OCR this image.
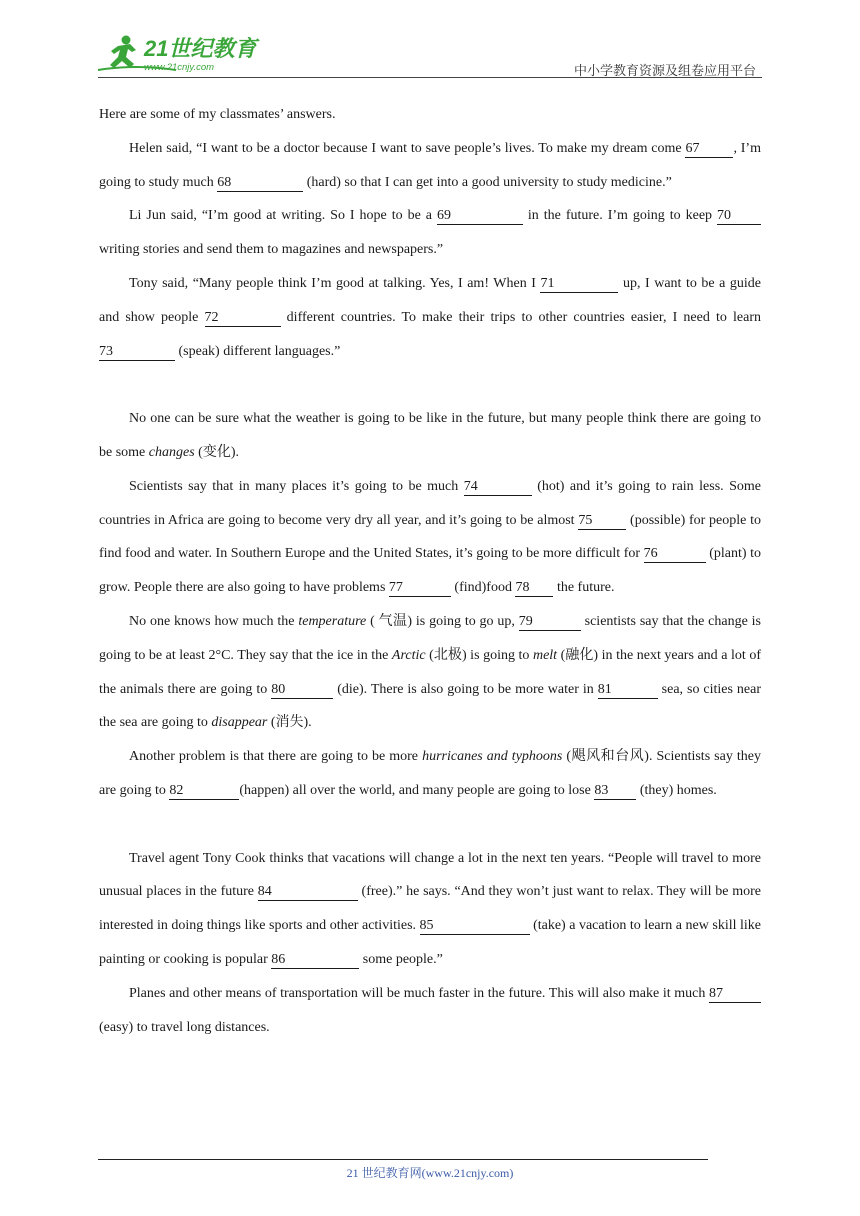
21世纪教育
www.21cnjy.com	中小学教育资源及组卷应用平台

Here are some of my classmates’ answers.

Helen said, “I want to be a doctor because I want to save people’s lives. To make my dream come 67 , I’m going to study much 68	(hard) so that I can get into a good university to study medicine.”

Li Jun said, “I’m good at writing. So I hope to be a 69	in the future. I’m going to keep 70 writing stories and send them to magazines and newspapers.”

Tony said, “Many people think I’m good at talking. Yes, I am! When I 71	up, I want to be a guide and show people 72	different countries. To make their trips to other countries easier, I need to learn 73	(speak) different languages.”

No one can be sure what the weather is going to be like in the future, but many people think there are going to be some changes (变化).

Scientists say that in many places it’s going to be much 74	(hot) and it’s going to rain less. Some countries in Africa are going to become very dry all year, and it’s going to be almost 75 (possible) for people to find food and water. In Southern Europe and the United States, it’s going to be more difficult for 76	(plant) to grow. People there are also going to have problems 77	(find)food 78 the future.

No one knows how much the temperature ( 气温) is going to go up, 79	scientists say that the change is going to be at least 2°C. They say that the ice in the Arctic (北极) is going to melt (融化) in the next years and a lot of the animals there are going to 80	(die). There is also going to be more water in 81	sea, so cities near the sea are going to disappear (消失).

Another problem is that there are going to be more hurricanes and typhoons (飓风和台风). Scientists say they are going to 82	(happen) all over the world, and many people are going to lose 83 (they) homes.

Travel agent Tony Cook thinks that vacations will change a lot in the next ten years. “People will travel to more unusual places in the future 84	(free).” he says. “And they won’t just want to relax. They will be more interested in doing things like sports and other activities. 85	(take) a vacation to learn a new skill like painting or cooking is popular 86	some people.”

Planes and other means of transportation will be much faster in the future. This will also make it much 87 (easy) to travel long distances.

21 世纪教育网(www.21cnjy.com)
